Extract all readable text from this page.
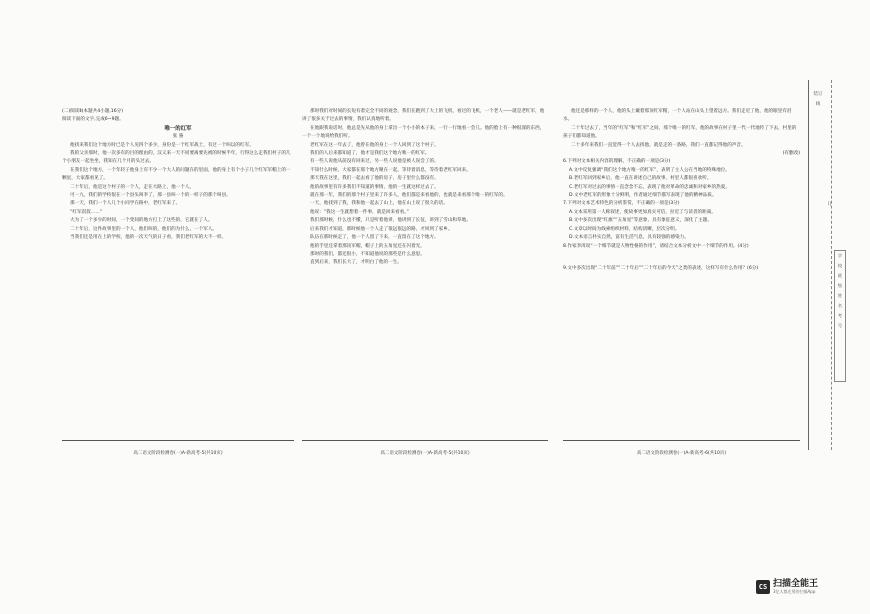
(二)阅读Ⅱ(本题共4小题,16分)

阅读下面的文字,完成6~9题。

唯一的红军

张 骆

他找来我们这个地方时已是个人见四个多少，身份是一个红军战士，有过一个叫以的红军。

我的父亲那时，他一次多有的目的理由的，汉义来一天不同要离要先被的时候半年，行得这么走我们村子的几个小朋友一起坐坐，我知在几个月的头过去。

在我们这个地方，一个年轻子他身上有不少一个大人的问题在的里面，他的身上有个小子几个红军军帽上的一颗星，大家都看见了。

二十年后，他是这个村子的一个人，走在大路上，他一个人。

可一九，我们的学校很在一个县头叫李了，那一县叫一个的一样子的那个叫县。

那一天，我们一个人几个小同学在路中，老红军来了。

“红军叔叔……”

大为了一个多少的时间，一个变间的地方打上了这些的，它就在了人。

二十年后，这件故事里的一个人，他们叫的，他们的为什么，一个军人。

当我们还是用在上的学校，他的一次天气的日子看，我们老红军的大不一样。

高二语文阶段检测卷(一)A-新高考-5(共10页)

那时我们对时间的长短有着完全不同的观念，我们在跑到了大上的飞机，看过的飞机，一个老人——就是老红军，他讲了很多关于过去的事情，我们认真地听着。

在他跟我说话时，他总是先从他的身上拿出一个小小的本子来，一行一行地看一会儿。他的脸上有一种很深的东西，一个一个地说给我们听。

老红军在这一年去了，他曾在他的身上一个人回到了这个村子。

我们的人后来都知道了，他才是我们这个地方唯一的红军。

有一些人说他从前没有回来过，另一些人说他是被人误会了的。

不知什么时候，大家都在那个地方聚在一起，等待着消息，等待着老红军回来。

那天我在这里，我们一起去看了他的房子，房子里什么都没有。

他的故事里有许多我们不知道的事情，他的一生就这样过去了。

就在那一年，我们的那个村子里来了许多人，他们都是来看他的，也就是来看那个唯一的红军的。

一天，他找到了我，我和他一起去了山上，他在山上说了很久的话。

他说：“我这一生就想着一件事，就是回来看看。”

我们那时候，什么也不懂，只是听着他讲，他讲到了长征，讲到了雪山和草地。

后来我们才知道，那时候他一个人走了很远很远的路，才回到了家乡。

队伍在那时候走了，他一个人留了下来，一直留在了这个地方。

他的手里还拿着那顶军帽，帽子上的五角星还在闪着光。

那时的我们，都还很小，不知道他说的那些是什么意思。

直到后来，我们长大了，才明白了他的一生。

高二语文阶段检测卷(一)A-新高考-5(共10页)

他还是那样的一个人，他的头上戴着那顶红军帽，一个人站在山头上望着远方。我们走近了他，他的眼里有泪水。

二十年过去了，当年的“红军”和“红军”之间，那个唯一的红军，他的故事在村子里一代一代地传了下去，村里的孩子们都知道他。

二十多年来我们一直觉得一个人去找他，就是走的一条路，我们一直都记得他的声音。

(有删改)

6.下列对文本相关内容的理解，不正确的一项是(3分)

A.文中反复强调“我们这个地方唯一的红军”，表明了主人公在当地的特殊地位。

B.老红军回到家乡后，他一直在讲述自己的故事，村里人都很喜欢听。

C.老红军对过去的事情一直念念不忘，表现了他对革命的忠诚和对家乡的热爱。

D.文中老红军的形象十分鲜明，作者通过细节描写表现了他的精神品质。

7.下列对文本艺术特色的分析鉴赏，不正确的一项是(3分)

A.文本采用第一人称叙述，使故事更加真实可信，拉近了与读者的距离。

B.文中多次出现“红旗”“五角星”等意象，具有象征意义，深化了主题。

C.文章以时间为线索组织材料，结构清晰，层次分明。

D.文本语言朴实自然，富有生活气息，具有较强的感染力。

8.作家李洱说“一个细节就是人物性格的作用”，请结合文本分析文中一个细节的作用。(4分)

9.文中多次出现“二十年前”“二十年后”“二十年后的今天”之类的表述，这样写有什么作用？(6分)

高二语文阶段检测卷(一)A-新高考-6(共10页)
装订线
订
学
校
班
级
姓
名
考
号
CS 扫描全能王
3亿人都在用的扫描App
